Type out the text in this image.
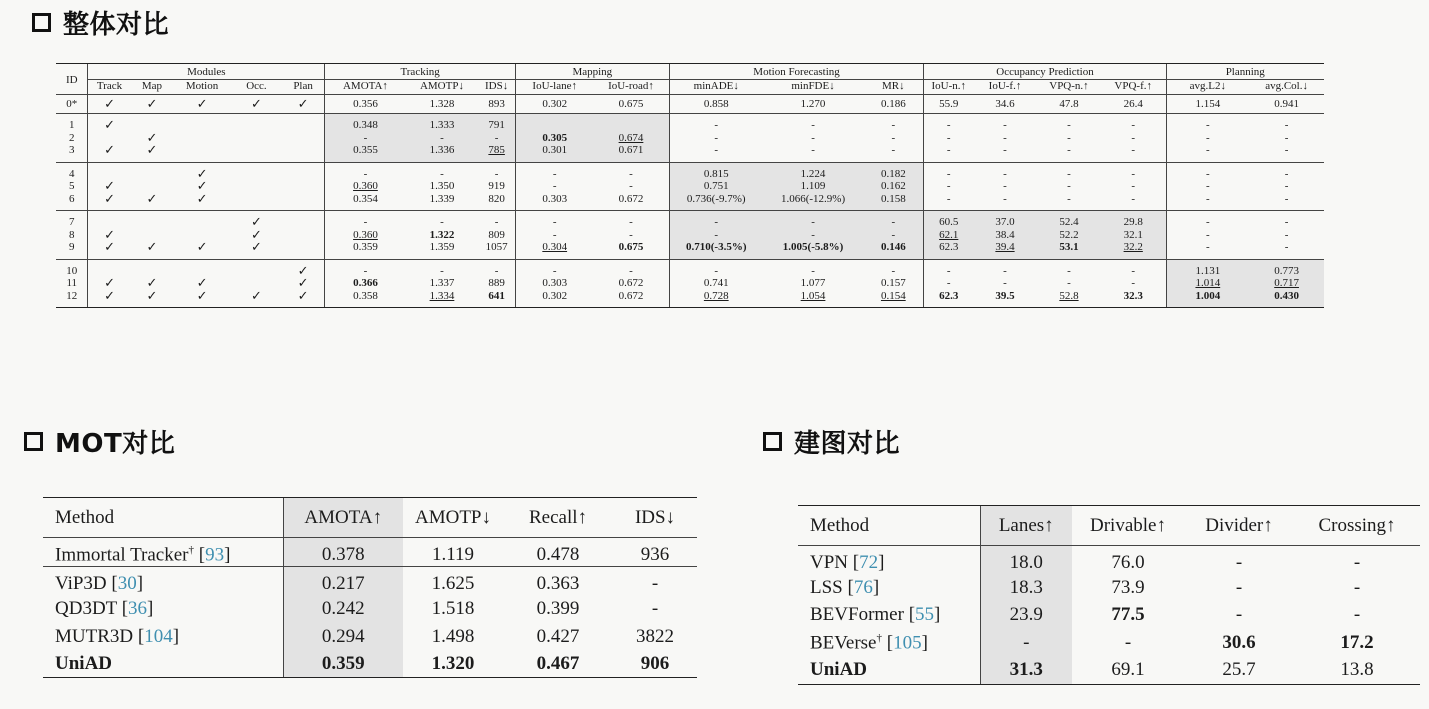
整体对比
ID	Modules					Tracking			Mapping		Motion Forecasting			Occupancy Prediction				Planning	
	Track	Map	Motion	Occ.	Plan	AMOTA↑	AMOTP↓	IDS↓	IoU-lane↑	IoU-road↑	minADE↓	minFDE↓	MR↓	IoU-n.↑	IoU-f.↑	VPQ-n.↑	VPQ-f.↑	avg.L2↓	avg.Col.↓
0*	✓	✓	✓	✓	✓	0.356	1.328	893	0.302	0.675	0.858	1.270	0.186	55.9	34.6	47.8	26.4	1.154	0.941
1	✓					0.348	1.333	791			-	-	-	-	-	-	-	-	-
2		✓				-	-	-	0.305	0.674	-	-	-	-	-	-	-	-	-
3	✓	✓				0.355	1.336	785	0.301	0.671	-	-	-	-	-	-	-	-	-
4			✓			-	-	-	-	-	0.815	1.224	0.182	-	-	-	-	-	-
5	✓		✓			0.360	1.350	919	-	-	0.751	1.109	0.162	-	-	-	-	-	-
6	✓	✓	✓			0.354	1.339	820	0.303	0.672	0.736(-9.7%)	1.066(-12.9%)	0.158	-	-	-	-	-	-
7				✓		-	-	-	-	-	-	-	-	60.5	37.0	52.4	29.8	-	-
8	✓			✓		0.360	1.322	809	-	-	-	-	-	62.1	38.4	52.2	32.1	-	-
9	✓	✓	✓	✓		0.359	1.359	1057	0.304	0.675	0.710(-3.5%)	1.005(-5.8%)	0.146	62.3	39.4	53.1	32.2	-	-
10					✓	-	-	-	-	-	-	-	-	-	-	-	-	1.131	0.773
11	✓	✓	✓		✓	0.366	1.337	889	0.303	0.672	0.741	1.077	0.157	-	-	-	-	1.014	0.717
12	✓	✓	✓	✓	✓	0.358	1.334	641	0.302	0.672	0.728	1.054	0.154	62.3	39.5	52.8	32.3	1.004	0.430
MOT对比
Method	AMOTA↑	AMOTP↓	Recall↑	IDS↓
Immortal Tracker† [93]	0.378	1.119	0.478	936
ViP3D [30]	0.217	1.625	0.363	-
QD3DT [36]	0.242	1.518	0.399	-
MUTR3D [104]	0.294	1.498	0.427	3822
UniAD	0.359	1.320	0.467	906
建图对比
Method	Lanes↑	Drivable↑	Divider↑	Crossing↑
VPN [72]	18.0	76.0	-	-
LSS [76]	18.3	73.9	-	-
BEVFormer [55]	23.9	77.5	-	-
BEVerse† [105]	-	-	30.6	17.2
UniAD	31.3	69.1	25.7	13.8
